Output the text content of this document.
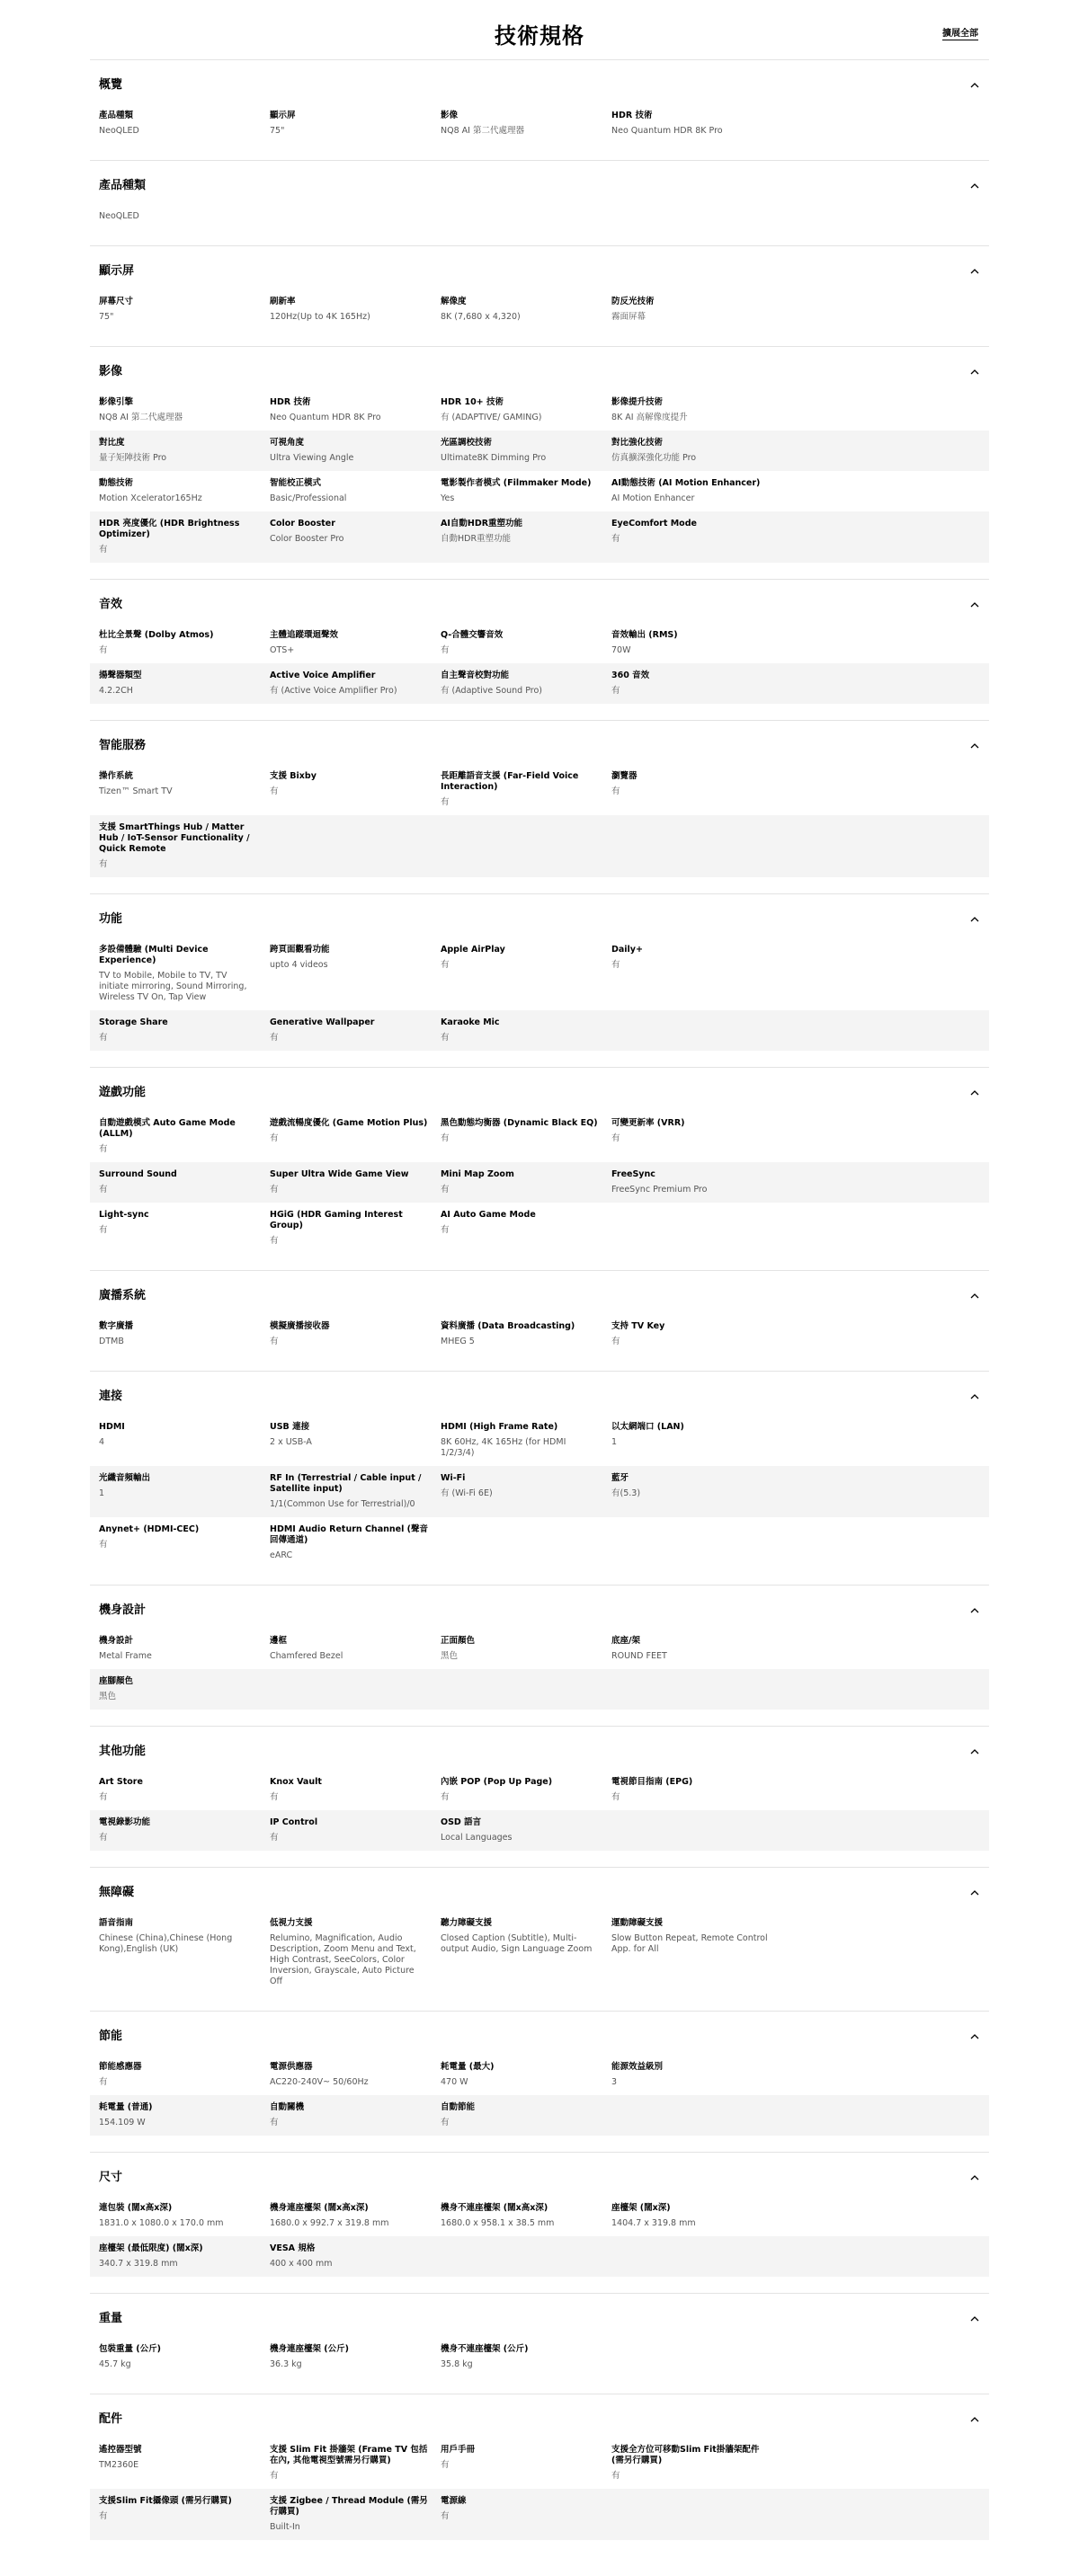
技術規格	擴展全部
概覽
產品種類
NeoQLED
顯示屏
75"
影像
NQ8 AI 第二代處理器
HDR 技術
Neo Quantum HDR 8K Pro
產品種類
NeoQLED
顯示屏
屏幕尺寸
75"
刷新率
120Hz(Up to 4K 165Hz)
解像度
8K (7,680 x 4,320)
防反光技術
霧面屏幕
影像
影像引擎
NQ8 AI 第二代處理器
HDR 技術
Neo Quantum HDR 8K Pro
HDR 10+ 技術
有 (ADAPTIVE/ GAMING)
影像提升技術
8K AI 高解像度提升
對比度
量子矩陣技術 Pro
可視角度
Ultra Viewing Angle
光區調校技術
Ultimate8K Dimming Pro
對比強化技術
仿真擴深強化功能 Pro
動態技術
Motion Xcelerator165Hz
智能校正模式
Basic/Professional
電影製作者模式 (Filmmaker Mode)
Yes
AI動態技術 (AI Motion Enhancer)
AI Motion Enhancer
HDR 亮度優化 (HDR Brightness Optimizer)
有
Color Booster
Color Booster Pro
AI自動HDR重塑功能
自動HDR重塑功能
EyeComfort Mode
有
音效
杜比全景聲 (Dolby Atmos)
有
主體追蹤環迴聲效
OTS+
Q-合體交響音效
有
音效輸出 (RMS)
70W
揚聲器類型
4.2.2CH
Active Voice Amplifier
有 (Active Voice Amplifier Pro)
自主聲音校對功能
有 (Adaptive Sound Pro)
360 音效
有
智能服務
操作系統
Tizen™ Smart TV
支援 Bixby
有
長距離語音支援 (Far-Field Voice Interaction)
有
瀏覽器
有
支援 SmartThings Hub / Matter Hub / IoT-Sensor Functionality / Quick Remote
有
功能
多設備體驗 (Multi Device Experience)
TV to Mobile, Mobile to TV, TV initiate mirroring, Sound Mirroring, Wireless TV On, Tap View
跨頁面觀看功能
upto 4 videos
Apple AirPlay
有
Daily+
有
Storage Share
有
Generative Wallpaper
有
Karaoke Mic
有
遊戲功能
自動遊戲模式 Auto Game Mode (ALLM)
有
遊戲流暢度優化 (Game Motion Plus)
有
黑色動態均衡器 (Dynamic Black EQ)
有
可變更新率 (VRR)
有
Surround Sound
有
Super Ultra Wide Game View
有
Mini Map Zoom
有
FreeSync
FreeSync Premium Pro
Light-sync
有
HGiG (HDR Gaming Interest Group)
有
AI Auto Game Mode
有
廣播系統
數字廣播
DTMB
模擬廣播接收器
有
資料廣播 (Data Broadcasting)
MHEG 5
支持 TV Key
有
連接
HDMI
4
USB 連接
2 x USB-A
HDMI (High Frame Rate)
8K 60Hz, 4K 165Hz (for HDMI 1/2/3/4)
以太網端口 (LAN)
1
光纖音頻輸出
1
RF In (Terrestrial / Cable input / Satellite input)
1/1(Common Use for Terrestrial)/0
Wi-Fi
有 (Wi-Fi 6E)
藍牙
有(5.3)
Anynet+ (HDMI-CEC)
有
HDMI Audio Return Channel (聲音回傳通道)
eARC
機身設計
機身設計
Metal Frame
邊框
Chamfered Bezel
正面顏色
黑色
底座/架
ROUND FEET
座腳顏色
黑色
其他功能
Art Store
有
Knox Vault
有
內嵌 POP (Pop Up Page)
有
電視節目指南 (EPG)
有
電視錄影功能
有
IP Control
有
OSD 語言
Local Languages
無障礙
語音指南
Chinese (China),Chinese (Hong Kong),English (UK)
低視力支援
Relumino, Magnification, Audio Description, Zoom Menu and Text, High Contrast, SeeColors, Color Inversion, Grayscale, Auto Picture Off
聽力障礙支援
Closed Caption (Subtitle), Multi-output Audio, Sign Language Zoom
運動障礙支援
Slow Button Repeat, Remote Control App. for All
節能
節能感應器
有
電源供應器
AC220-240V~ 50/60Hz
耗電量 (最大)
470 W
能源效益級別
3
耗電量 (普通)
154.109 W
自動關機
有
自動節能
有
尺寸
連包裝 (闊x高x深)
1831.0 x 1080.0 x 170.0 mm
機身連座檯架 (闊x高x深)
1680.0 x 992.7 x 319.8 mm
機身不連座檯架 (闊x高x深)
1680.0 x 958.1 x 38.5 mm
座檯架 (闊x深)
1404.7 x 319.8 mm
座檯架 (最低限度) (闊x深)
340.7 x 319.8 mm
VESA 規格
400 x 400 mm
重量
包裝重量 (公斤)
45.7 kg
機身連座檯架 (公斤)
36.3 kg
機身不連座檯架 (公斤)
35.8 kg
配件
遙控器型號
TM2360E
支援 Slim Fit 掛牆架 (Frame TV 包括在內, 其他電視型號需另行購買)
有
用戶手冊
有
支援全方位可移動Slim Fit掛牆架配件 (需另行購買)
有
支援Slim Fit攝像頭 (需另行購買)
有
支援 Zigbee / Thread Module (需另行購買)
Built-In
電源線
有
